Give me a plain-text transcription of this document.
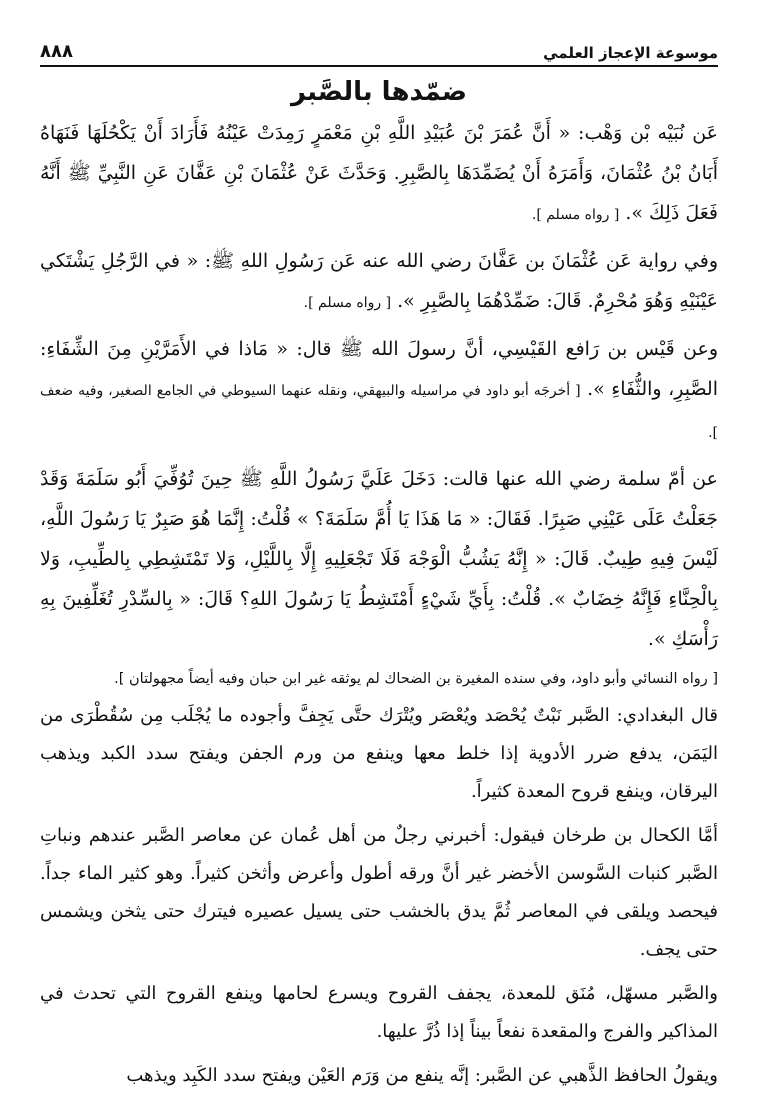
موسوعة الإعجاز العلمي
٨٨٨
ضمّدها بالصَّبر

عَن نُبَيْه بْن وَهْب: « أَنَّ عُمَرَ بْنَ عُبَيْدِ اللَّهِ بْنِ مَعْمَرٍ رَمِدَتْ عَيْنُهُ فَأَرَادَ أَنْ يَكْحُلَهَا فَنَهَاهُ أَبَانُ بْنُ عُثْمَانَ، وَأَمَرَهُ أَنْ يُضَمِّدَهَا بِالصَّبِرِ. وَحَدَّثَ عَنْ عُثْمَانَ بْنِ عَفَّانَ عَنِ النَّبِيِّ ﷺ أَنَّهُ فَعَلَ ذَلِكَ ». [ رواه مسلم ].

وفي رواية عَن عُثْمَانَ بن عَفَّانَ رضي الله عنه عَن رَسُولِ اللهِ ﷺ: « في الرَّجُلِ يَشْتَكي عَيْنَيْهِ وَهُوَ مُحْرِمٌ. قَالَ: ضَمِّدْهُمَا بِالصَّبِرِ ». [ رواه مسلم ].

وعن قَيْس بن رَافع القَيْسِي، أنَّ رسولَ الله ﷺ قال: « مَاذا في الأَمَرَّيْنِ مِنَ الشِّفَاءِ: الصَّبِرِ، والثُّفَاءِ ». [ أخرجَه أبو داود في مراسيله والبيهقي، ونقله عنهما السيوطي في الجامع الصغير، وفيه ضعف ].

عن أمّ سلمة رضي الله عنها قالت: دَخَلَ عَلَيَّ رَسُولُ اللَّهِ ﷺ حِينَ تُوُفِّيَ أَبُو سَلَمَةَ وَقَدْ جَعَلْتُ عَلَى عَيْنِي صَبِرًا. فَقَالَ: « مَا هَذَا يَا أُمَّ سَلَمَةَ؟ » قُلْتُ: إِنَّمَا هُوَ صَبِرٌ يَا رَسُولَ اللَّهِ، لَيْسَ فِيهِ طِيبٌ. قَالَ: « إِنَّهُ يَشُبُّ الْوَجْهَ فَلَا تَجْعَلِيهِ إِلَّا بِاللَّيْلِ، وَلا تَمْتَشِطِي بِالطِّيبِ، وَلا بِالْحِنَّاءِ فَإِنَّهُ خِضَابٌ ». قُلْتُ: بِأَيِّ شَيْءٍ أَمْتَشِطُ يَا رَسُولَ اللهِ؟ قَالَ: « بِالسِّدْرِ تُغَلِّفِينَ بِهِ رَأْسَكِ ».

[ رواه النسائي وأبو داود، وفي سنده المغيرة بن الضحاك لم يوثقه غير ابن حبان وفيه أيضاً مجهولتان ].

قال البغدادي: الصَّبر نَبْتٌ يُحْصَد ويُعْصَر ويُتْرَك حتَّى يَجِفَّ وأجوده ما يُجْلَب مِن سُقُطْرَى من اليَمَن، يدفع ضرر الأدوية إذا خلط معها وينفع من ورم الجفن ويفتح سدد الكبد ويذهب اليرقان، وينفع قروح المعدة كثيراً.

أمَّا الكحال بن طرخان فيقول: أخبرني رجلٌ من أهل عُمان عن معاصر الصَّبر عندهم ونباتِ الصَّبر كنبات السَّوسن الأخضر غير أنَّ ورقه أطول وأعرض وأثخن كثيراً. وهو كثير الماء جداً. فيحصد ويلقى في المعاصر ثُمَّ يدق بالخشب حتى يسيل عصيره فيترك حتى يثخن ويشمس حتى يجف.

والصَّبر مسهّل، مُنَق للمعدة، يجفف القروح ويسرع لحامها وينفع القروح التي تحدث في المذاكير والفرج والمقعدة نفعاً بيناً إذا ذُرَّ عليها.

ويقولُ الحافظ الذَّهبي عن الصَّبر: إنَّه ينفع من وَرَم العَيْن ويفتح سدد الكَبِد ويذهب
